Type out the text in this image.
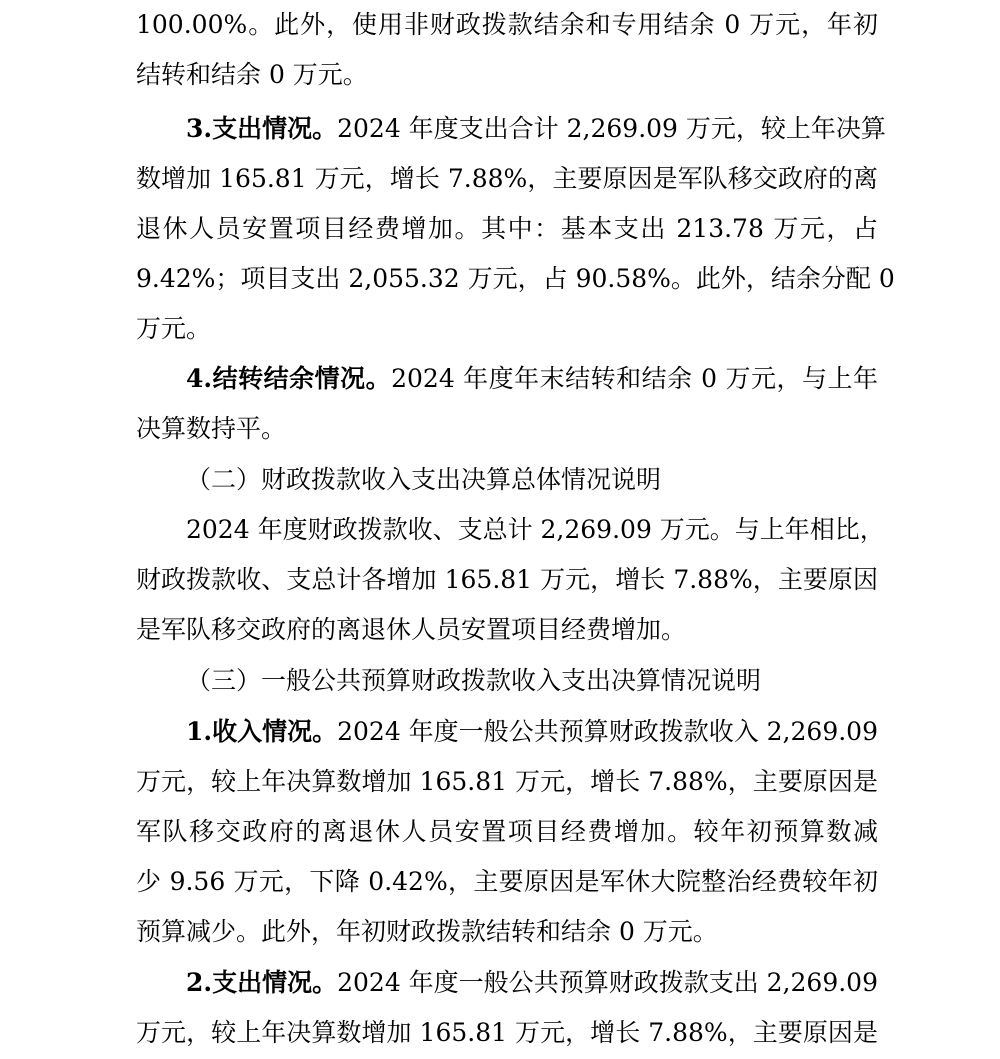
100.00%。此外，使用非财政拨款结余和专用结余 0 万元，年初
结转和结余 0 万元。
3.支出情况。2024 年度支出合计 2,269.09 万元，较上年决算
数增加 165.81 万元，增长 7.88%，主要原因是军队移交政府的离
退休人员安置项目经费增加。其中：基本支出 213.78 万元，占
9.42%；项目支出 2,055.32 万元，占 90.58%。此外，结余分配 0
万元。
4.结转结余情况。2024 年度年末结转和结余 0 万元，与上年
决算数持平。
（二）财政拨款收入支出决算总体情况说明
2024 年度财政拨款收、支总计 2,269.09 万元。与上年相比，
财政拨款收、支总计各增加 165.81 万元，增长 7.88%，主要原因
是军队移交政府的离退休人员安置项目经费增加。
（三）一般公共预算财政拨款收入支出决算情况说明
1.收入情况。2024 年度一般公共预算财政拨款收入 2,269.09
万元，较上年决算数增加 165.81 万元，增长 7.88%，主要原因是
军队移交政府的离退休人员安置项目经费增加。较年初预算数减
少 9.56 万元，下降 0.42%，主要原因是军休大院整治经费较年初
预算减少。此外，年初财政拨款结转和结余 0 万元。
2.支出情况。2024 年度一般公共预算财政拨款支出 2,269.09
万元，较上年决算数增加 165.81 万元，增长 7.88%，主要原因是
